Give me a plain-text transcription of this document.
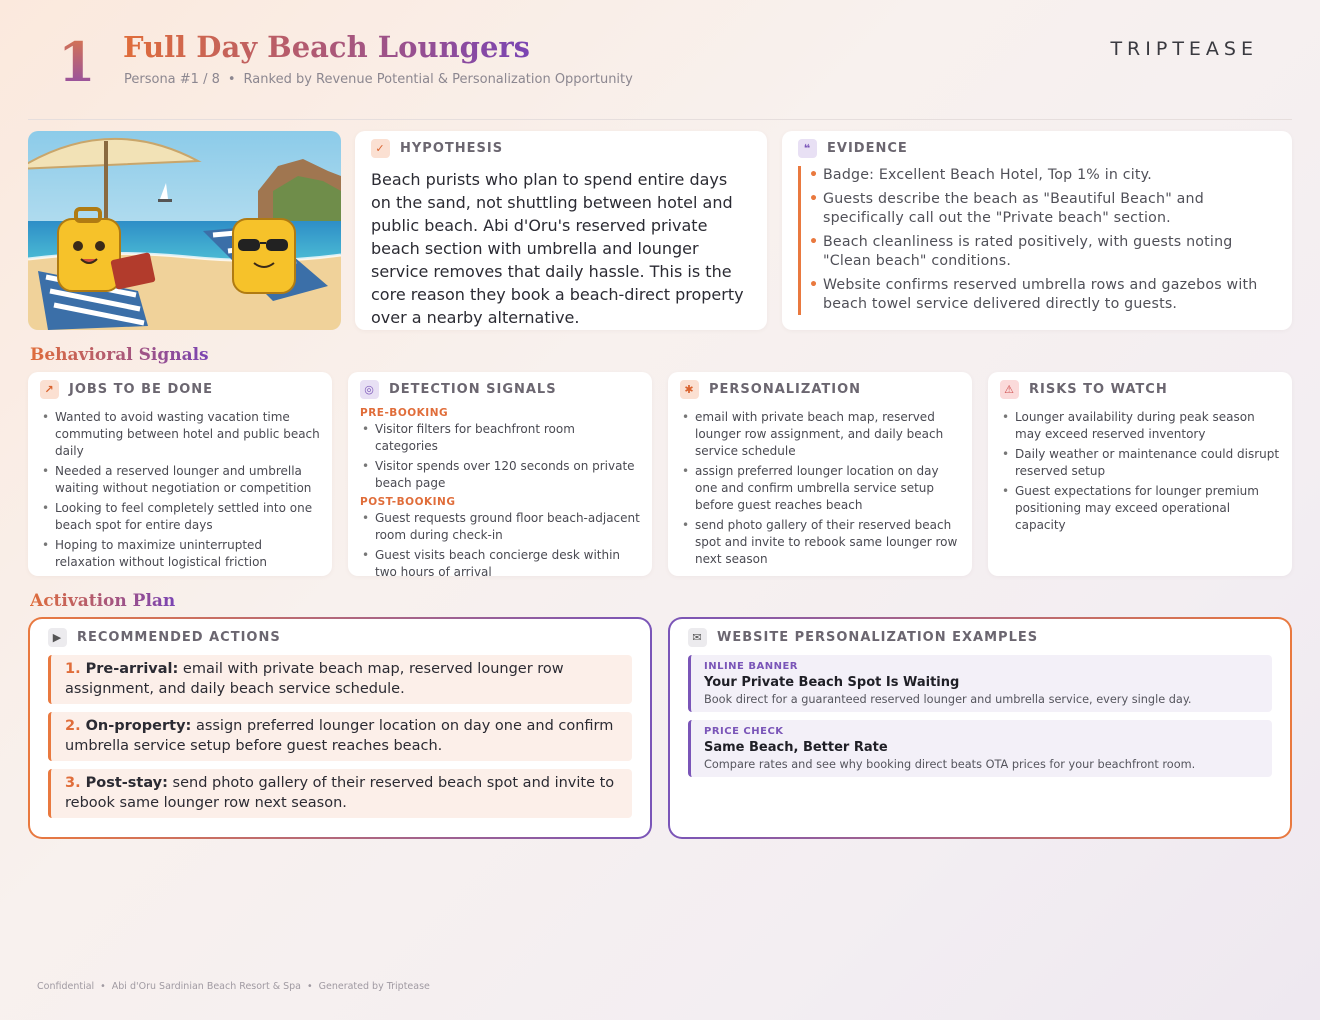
1 Full Day Beach Loungers
Persona #1 / 8 • Ranked by Revenue Potential & Personalization Opportunity
TRIPTEASE
✓	HYPOTHESIS
Beach purists who plan to spend entire days on the sand, not shuttling between hotel and public beach. Abi d'Oru's reserved private beach section with umbrella and lounger service removes that daily hassle. This is the core reason they book a beach-direct property over a nearby alternative.
❝	EVIDENCE
• Badge: Excellent Beach Hotel, Top 1% in city.
• Guests describe the beach as "Beautiful Beach" and specifically call out the "Private beach" section.
• Beach cleanliness is rated positively, with guests noting "Clean beach" conditions.
• Website confirms reserved umbrella rows and gazebos with beach towel service delivered directly to guests.
Behavioral Signals
↗	JOBS TO BE DONE
• Wanted to avoid wasting vacation time commuting between hotel and public beach daily
• Needed a reserved lounger and umbrella waiting without negotiation or competition
• Looking to feel completely settled into one beach spot for entire days
• Hoping to maximize uninterrupted relaxation without logistical friction
◎	DETECTION SIGNALS
PRE-BOOKING
• Visitor filters for beachfront room categories
• Visitor spends over 120 seconds on private beach page
POST-BOOKING
• Guest requests ground floor beach-adjacent room during check-in
• Guest visits beach concierge desk within two hours of arrival
✱	PERSONALIZATION
• email with private beach map, reserved lounger row assignment, and daily beach service schedule
• assign preferred lounger location on day one and confirm umbrella service setup before guest reaches beach
• send photo gallery of their reserved beach spot and invite to rebook same lounger row next season
⚠	RISKS TO WATCH
• Lounger availability during peak season may exceed reserved inventory
• Daily weather or maintenance could disrupt reserved setup
• Guest expectations for lounger premium positioning may exceed operational capacity
Activation Plan
▶	RECOMMENDED ACTIONS
1. Pre-arrival: email with private beach map, reserved lounger row assignment, and daily beach service schedule.
2. On-property: assign preferred lounger location on day one and confirm umbrella service setup before guest reaches beach.
3. Post-stay: send photo gallery of their reserved beach spot and invite to rebook same lounger row next season.
✉	WEBSITE PERSONALIZATION EXAMPLES
INLINE BANNER
Your Private Beach Spot Is Waiting
Book direct for a guaranteed reserved lounger and umbrella service, every single day.
PRICE CHECK
Same Beach, Better Rate
Compare rates and see why booking direct beats OTA prices for your beachfront room.
Confidential • Abi d'Oru Sardinian Beach Resort & Spa • Generated by Triptease
